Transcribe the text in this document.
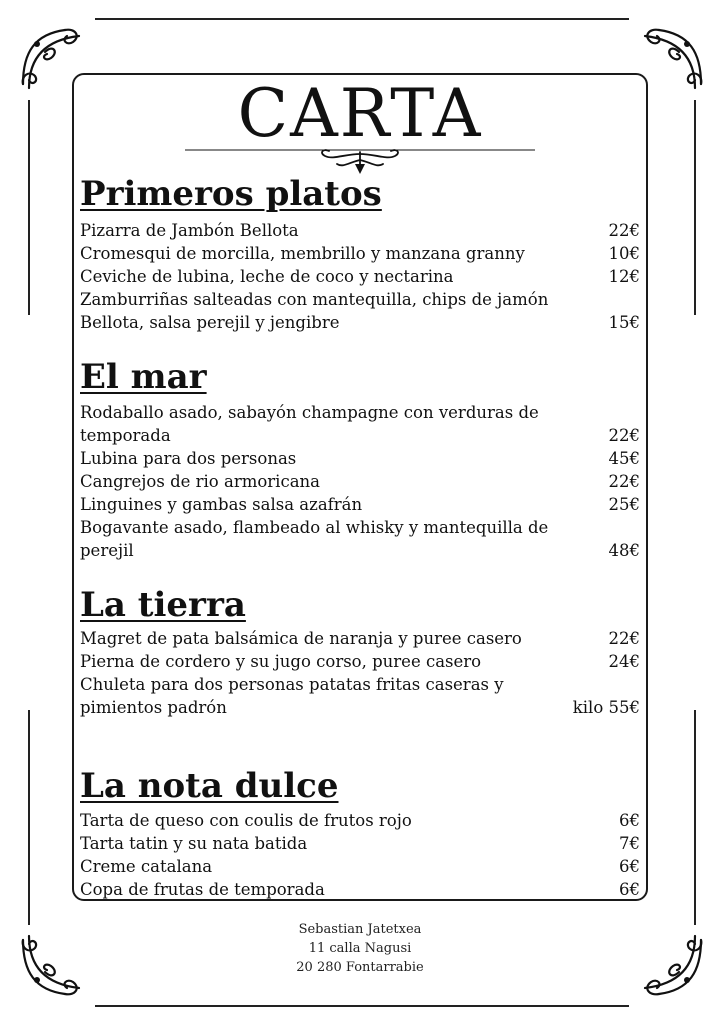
CARTA
Primeros platos
Pizarra de Jambón Bellota	22€
Cromesqui de morcilla, membrillo y manzana granny	10€
Ceviche de lubina, leche de coco y nectarina	12€
Zamburriñas salteadas con mantequilla, chips de jamón
Bellota, salsa perejil y jengibre	15€
El mar
Rodaballo asado, sabayón champagne con verduras de
temporada	22€
Lubina para dos personas	45€
Cangrejos de rio armoricana	22€
Linguines y gambas salsa azafrán	25€
Bogavante asado, flambeado al whisky y mantequilla de
perejil	48€
La tierra
Magret de pata balsámica de naranja y puree casero	22€
Pierna de cordero y su jugo corso, puree casero	24€
Chuleta para dos personas patatas fritas caseras y
pimientos padrón	kilo 55€
La nota dulce
Tarta de queso con coulis de frutos rojo	6€
Tarta tatin y su nata batida	7€
Creme catalana	6€
Copa de frutas de temporada	6€
Sebastian Jatetxea
11 calla Nagusi
20 280 Fontarrabie
